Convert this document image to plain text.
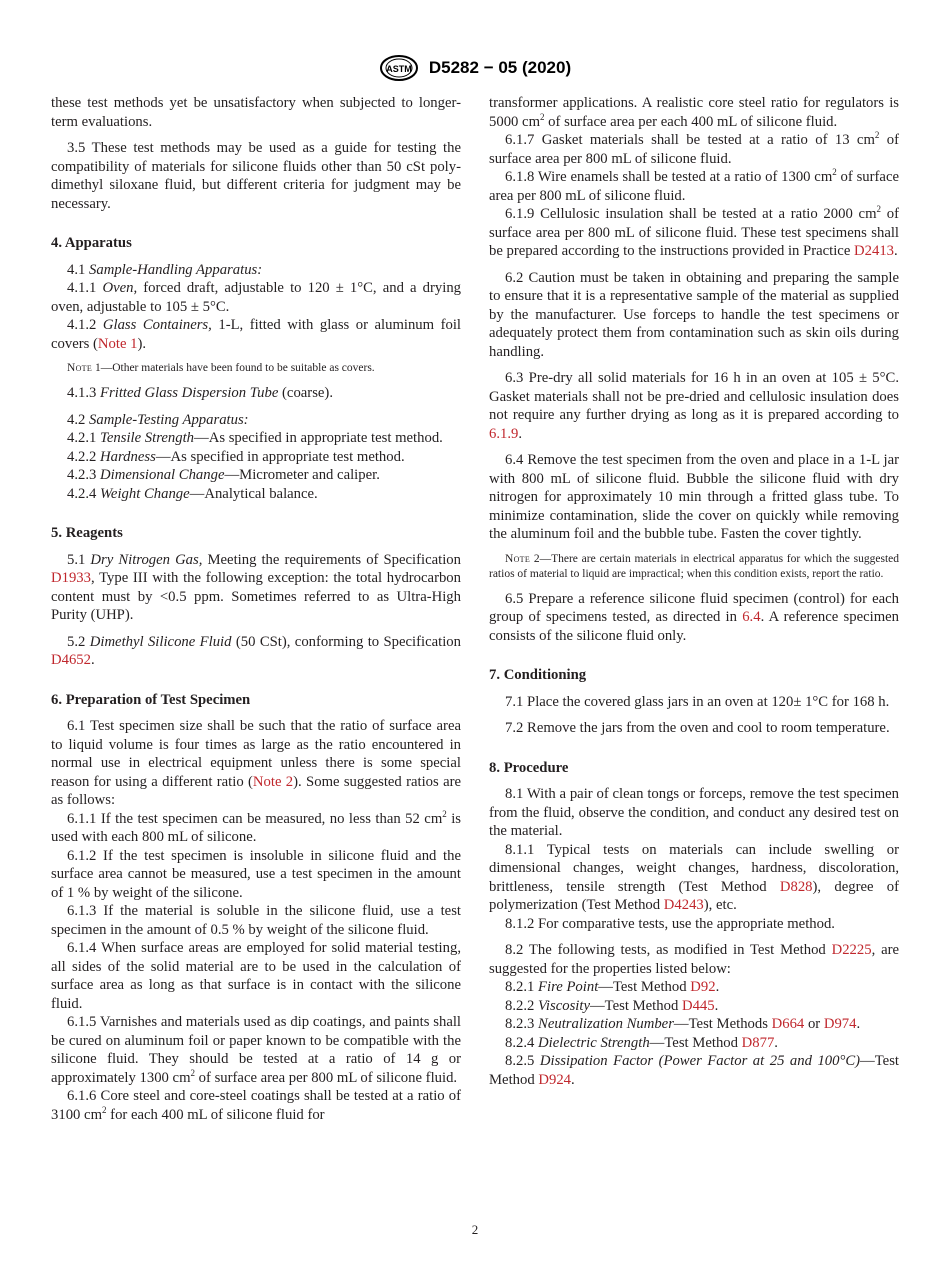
ASTM D5282 − 05 (2020)

these test methods yet be unsatisfactory when subjected to longer-term evaluations.

3.5 These test methods may be used as a guide for testing the compatibility of materials for silicone fluids other than 50 cSt poly-dimethyl siloxane fluid, but different criteria for judgment may be necessary.

4. Apparatus

4.1 Sample-Handling Apparatus:

4.1.1 Oven, forced draft, adjustable to 120 ± 1°C, and a drying oven, adjustable to 105 ± 5°C.

4.1.2 Glass Containers, 1-L, fitted with glass or aluminum foil covers (Note 1).

Note 1—Other materials have been found to be suitable as covers.

4.1.3 Fritted Glass Dispersion Tube (coarse).

4.2 Sample-Testing Apparatus:

4.2.1 Tensile Strength—As specified in appropriate test method.

4.2.2 Hardness—As specified in appropriate test method.

4.2.3 Dimensional Change—Micrometer and caliper.

4.2.4 Weight Change—Analytical balance.

5. Reagents

5.1 Dry Nitrogen Gas, Meeting the requirements of Specification D1933, Type III with the following exception: the total hydrocarbon content must by <0.5 ppm. Sometimes referred to as Ultra-High Purity (UHP).

5.2 Dimethyl Silicone Fluid (50 CSt), conforming to Specification D4652.

6. Preparation of Test Specimen

6.1 Test specimen size shall be such that the ratio of surface area to liquid volume is four times as large as the ratio encountered in normal use in electrical equipment unless there is some special reason for using a different ratio (Note 2). Some suggested ratios are as follows:

6.1.1 If the test specimen can be measured, no less than 52 $cm^2$ is used with each 800 mL of silicone.

6.1.2 If the test specimen is insoluble in silicone fluid and the surface area cannot be measured, use a test specimen in the amount of 1 % by weight of the silicone.

6.1.3 If the material is soluble in the silicone fluid, use a test specimen in the amount of 0.5 % by weight of the silicone fluid.

6.1.4 When surface areas are employed for solid material testing, all sides of the solid material are to be used in the calculation of surface area as long as that surface is in contact with the silicone fluid.

6.1.5 Varnishes and materials used as dip coatings, and paints shall be cured on aluminum foil or paper known to be compatible with the silicone fluid. They should be tested at a ratio of 14 g or approximately 1300 $cm^2$ of surface area per 800 mL of silicone fluid.

6.1.6 Core steel and core-steel coatings shall be tested at a ratio of 3100 $cm^2$ for each 400 mL of silicone fluid for

transformer applications. A realistic core steel ratio for regulators is 5000 $cm^2$ of surface area per each 400 mL of silicone fluid.

6.1.7 Gasket materials shall be tested at a ratio of 13 $cm^2$ of surface area per 800 mL of silicone fluid.

6.1.8 Wire enamels shall be tested at a ratio of 1300 $cm^2$ of surface area per 800 mL of silicone fluid.

6.1.9 Cellulosic insulation shall be tested at a ratio 2000 $cm^2$ of surface area per 800 mL of silicone fluid. These test specimens shall be prepared according to the instructions provided in Practice D2413.

6.2 Caution must be taken in obtaining and preparing the sample to ensure that it is a representative sample of the material as supplied by the manufacturer. Use forceps to handle the test specimens or adequately protect them from contamination such as skin oils during handling.

6.3 Pre-dry all solid materials for 16 h in an oven at 105 ± 5°C. Gasket materials shall not be pre-dried and cellulosic insulation does not require any further drying as long as it is prepared according to 6.1.9.

6.4 Remove the test specimen from the oven and place in a 1-L jar with 800 mL of silicone fluid. Bubble the silicone fluid with dry nitrogen for approximately 10 min through a fritted glass tube. To minimize contamination, slide the cover on quickly while removing the aluminum foil and the bubble tube. Fasten the cover tightly.

Note 2—There are certain materials in electrical apparatus for which the suggested ratios of material to liquid are impractical; when this condition exists, report the ratio.

6.5 Prepare a reference silicone fluid specimen (control) for each group of specimens tested, as directed in 6.4. A reference specimen consists of the silicone fluid only.

7. Conditioning

7.1 Place the covered glass jars in an oven at 120± 1°C for 168 h.

7.2 Remove the jars from the oven and cool to room temperature.

8. Procedure

8.1 With a pair of clean tongs or forceps, remove the test specimen from the fluid, observe the condition, and conduct any desired test on the material.

8.1.1 Typical tests on materials can include swelling or dimensional changes, weight changes, hardness, discoloration, brittleness, tensile strength (Test Method D828), degree of polymerization (Test Method D4243), etc.

8.1.2 For comparative tests, use the appropriate method.

8.2 The following tests, as modified in Test Method D2225, are suggested for the properties listed below:

8.2.1 Fire Point—Test Method D92.

8.2.2 Viscosity—Test Method D445.

8.2.3 Neutralization Number—Test Methods D664 or D974.

8.2.4 Dielectric Strength—Test Method D877.

8.2.5 Dissipation Factor (Power Factor at 25 and 100°C)—Test Method D924.

2
